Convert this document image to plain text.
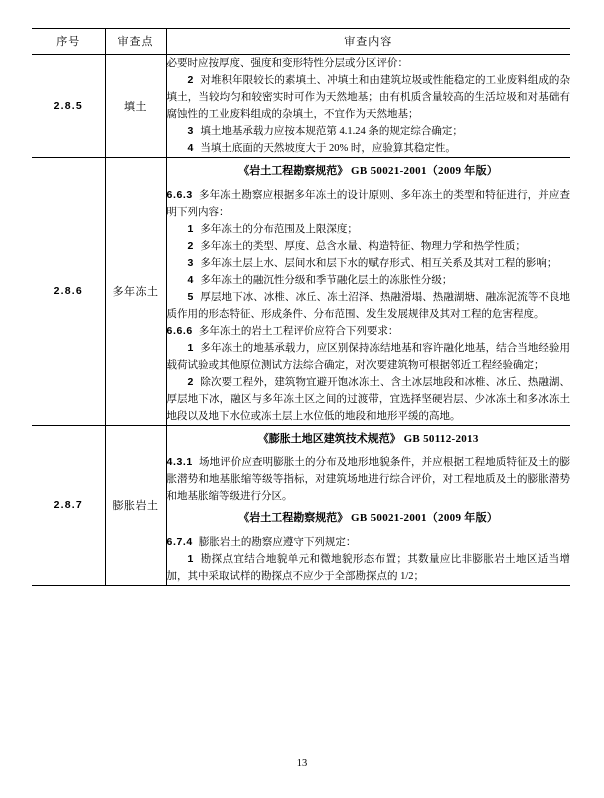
序号	审查点	审查内容
2.8.5	填土	必要时应按厚度、强度和变形特性分层或分区评价：

2 对堆积年限较长的素填土、冲填土和由建筑垃圾或性能稳定的工业废料组成的杂填土，当较均匀和较密实时可作为天然地基；由有机质含量较高的生活垃圾和对基础有腐蚀性的工业废料组成的杂填土，不宜作为天然地基；

3 填土地基承载力应按本规范第 4.1.24 条的规定综合确定；

4 当填土底面的天然坡度大于 20% 时，应验算其稳定性。

2.8.6	多年冻土	
《岩土工程勘察规范》 GB 50021-2001（2009 年版）

6.6.3 多年冻土勘察应根据多年冻土的设计原则、多年冻土的类型和特征进行，并应查明下列内容：

1 多年冻土的分布范围及上限深度；

2 多年冻土的类型、厚度、总含水量、构造特征、物理力学和热学性质；

3 多年冻土层上水、层间水和层下水的赋存形式、相互关系及其对工程的影响；

4 多年冻土的融沉性分级和季节融化层土的冻胀性分级；

5 厚层地下冰、冰椎、冰丘、冻土沼泽、热融滑塌、热融湖塘、融冻泥流等不良地质作用的形态特征、形成条件、分布范围、发生发展规律及其对工程的危害程度。

6.6.6 多年冻土的岩土工程评价应符合下列要求：

1 多年冻土的地基承载力，应区别保持冻结地基和容许融化地基，结合当地经验用载荷试验或其他原位测试方法综合确定，对次要建筑物可根据邻近工程经验确定；

2 除次要工程外，建筑物宜避开饱冰冻土、含土冰层地段和冰椎、冰丘、热融湖、厚层地下冰，融区与多年冻土区之间的过渡带，宜选择坚硬岩层、少冰冻土和多冰冻土地段以及地下水位或冻土层上水位低的地段和地形平缓的高地。

2.8.7	膨胀岩土	《膨胀土地区建筑技术规范》 GB 50112-2013

4.3.1 场地评价应查明膨胀土的分布及地形地貌条件，并应根据工程地质特征及土的膨胀潜势和地基胀缩等级等指标，对建筑场地进行综合评价，对工程地质及土的膨胀潜势和地基胀缩等级进行分区。

《岩土工程勘察规范》 GB 50021-2001（2009 年版）

6.7.4 膨胀岩土的勘察应遵守下列规定：

1 勘探点宜结合地貌单元和微地貌形态布置；其数量应比非膨胀岩土地区适当增加，其中采取试样的勘探点不应少于全部勘探点的 1/2；

13
